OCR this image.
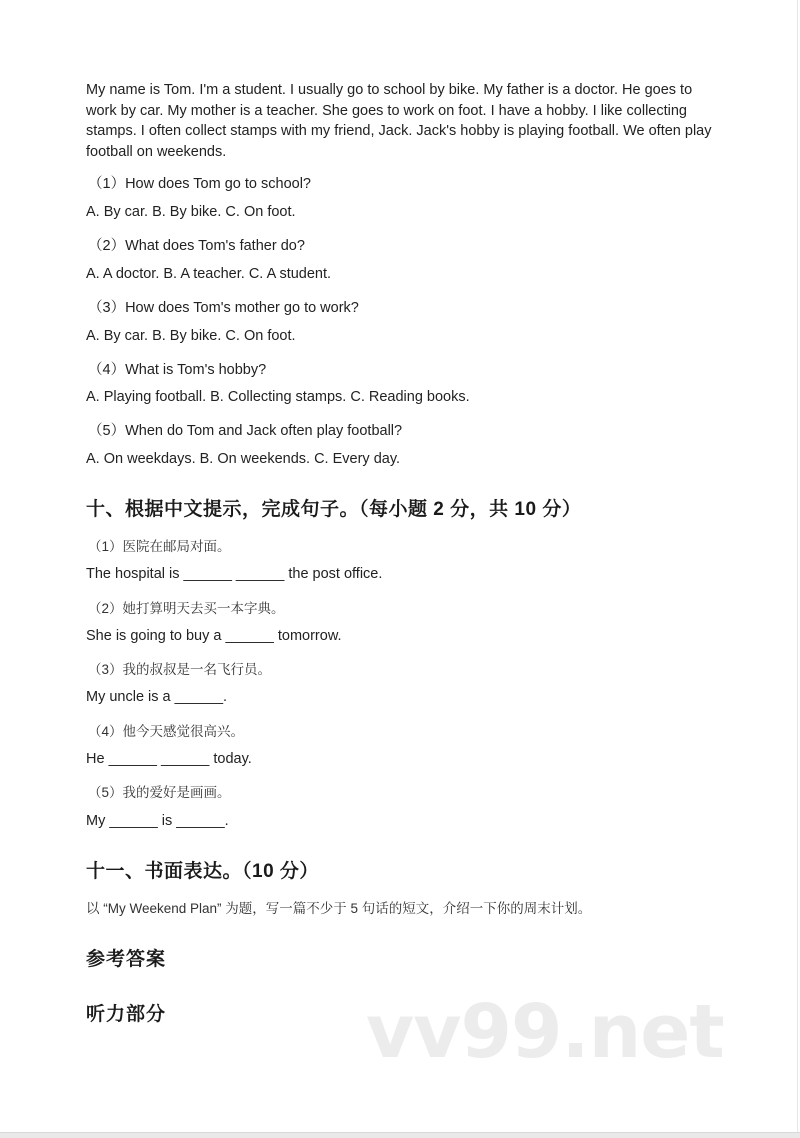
My name is Tom. I'm a student. I usually go to school by bike. My father is a doctor. He goes to work by car. My mother is a teacher. She goes to work on foot. I have a hobby. I like collecting stamps. I often collect stamps with my friend, Jack. Jack's hobby is playing football. We often play football on weekends.
（1）How does Tom go to school?
A. By car. B. By bike. C. On foot.
（2）What does Tom's father do?
A. A doctor. B. A teacher. C. A student.
（3）How does Tom's mother go to work?
A. By car. B. By bike. C. On foot.
（4）What is Tom's hobby?
A. Playing football. B. Collecting stamps. C. Reading books.
（5）When do Tom and Jack often play football?
A. On weekdays. B. On weekends. C. Every day.
十、根据中文提示，完成句子。（每小题 2 分，共 10 分）
（1）医院在邮局对面。
The hospital is ______ ______ the post office.
（2）她打算明天去买一本字典。
She is going to buy a ______ tomorrow.
（3）我的叔叔是一名飞行员。
My uncle is a ______.
（4）他今天感觉很高兴。
He ______ ______ today.
（5）我的爱好是画画。
My ______ is ______.
十一、书面表达。（10 分）
以 “My Weekend Plan” 为题，写一篇不少于 5 句话的短文，介绍一下你的周末计划。
参考答案
听力部分	vv99.net
